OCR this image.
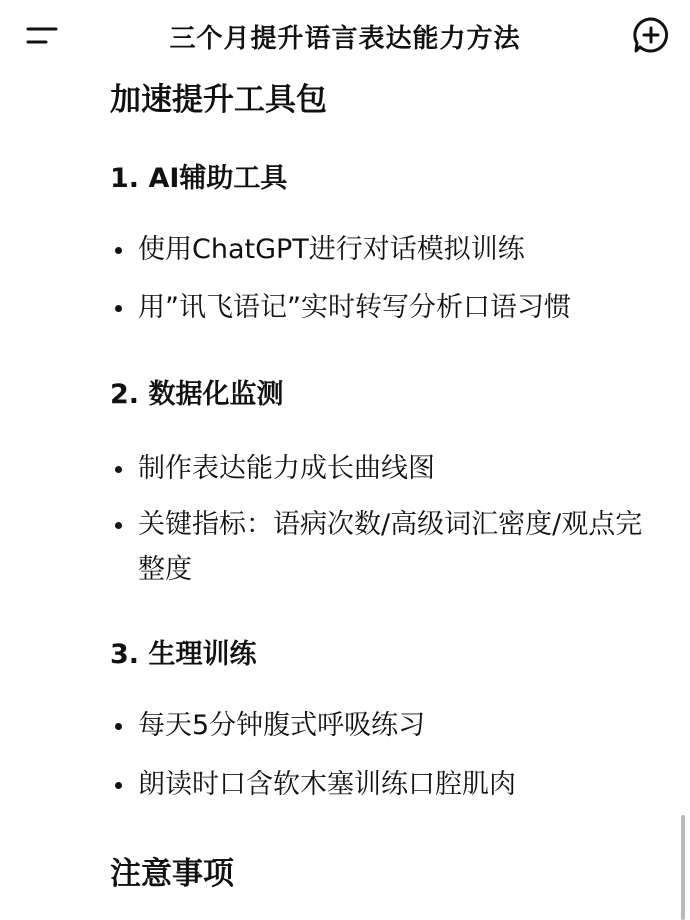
三个月提升语言表达能力方法
加速提升工具包
1. AI辅助工具
使用ChatGPT进行对话模拟训练
用”讯飞语记”实时转写分析口语习惯
2. 数据化监测
制作表达能力成长曲线图
关键指标：语病次数/高级词汇密度/观点完整度
3. 生理训练
每天5分钟腹式呼吸练习
朗读时口含软木塞训练口腔肌肉
注意事项
